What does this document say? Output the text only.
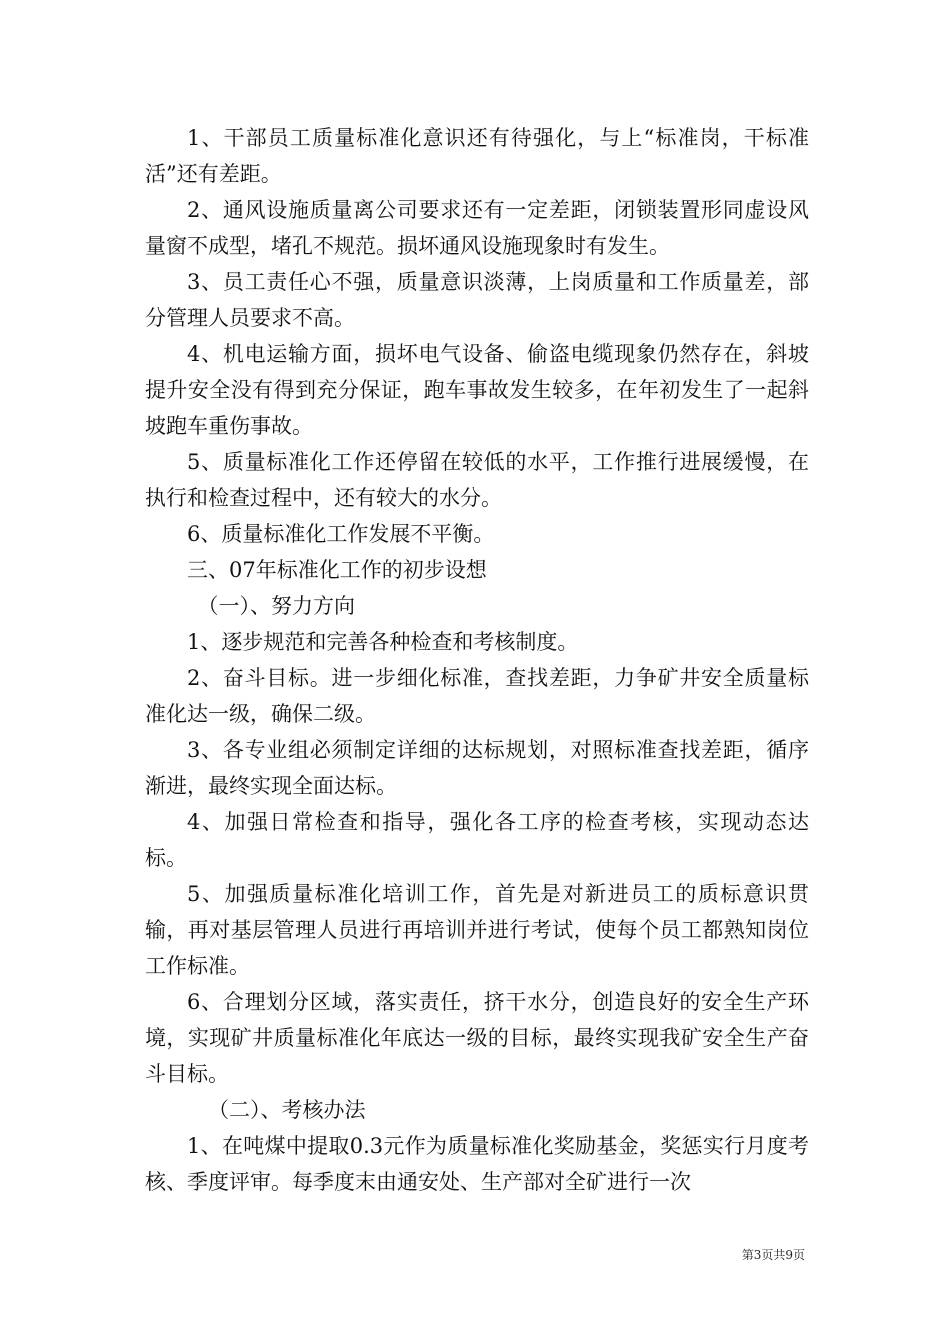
1、干部员工质量标准化意识还有待强化，与上“标准岗，干标准活”还有差距。

2、通风设施质量离公司要求还有一定差距，闭锁装置形同虚设风量窗不成型，堵孔不规范。损坏通风设施现象时有发生。

3、员工责任心不强，质量意识淡薄，上岗质量和工作质量差，部分管理人员要求不高。

4、机电运输方面，损坏电气设备、偷盗电缆现象仍然存在，斜坡提升安全没有得到充分保证，跑车事故发生较多，在年初发生了一起斜坡跑车重伤事故。

5、质量标准化工作还停留在较低的水平，工作推行进展缓慢，在执行和检查过程中，还有较大的水分。

6、质量标准化工作发展不平衡。

三、07年标准化工作的初步设想

（一）、努力方向

1、逐步规范和完善各种检查和考核制度。

2、奋斗目标。进一步细化标准，查找差距，力争矿井安全质量标准化达一级，确保二级。

3、各专业组必须制定详细的达标规划，对照标准查找差距，循序渐进，最终实现全面达标。

4、加强日常检查和指导，强化各工序的检查考核，实现动态达标。

5、加强质量标准化培训工作，首先是对新进员工的质标意识贯输，再对基层管理人员进行再培训并进行考试，使每个员工都熟知岗位工作标准。

6、合理划分区域，落实责任，挤干水分，创造良好的安全生产环境，实现矿井质量标准化年底达一级的目标，最终实现我矿安全生产奋斗目标。

（二）、考核办法

1、在吨煤中提取0.3元作为质量标准化奖励基金，奖惩实行月度考核、季度评审。每季度末由通安处、生产部对全矿进行一次

第3页共9页
